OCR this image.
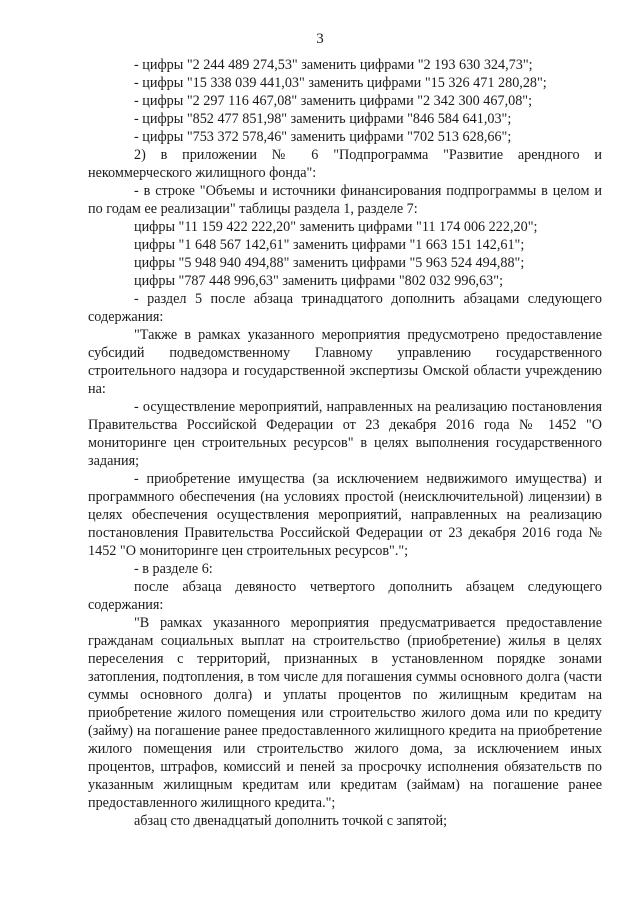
3

- цифры "2 244 489 274,53" заменить цифрами "2 193 630 324,73";

- цифры "15 338 039 441,03" заменить цифрами "15 326 471 280,28";

- цифры "2 297 116 467,08" заменить цифрами "2 342 300 467,08";

- цифры "852 477 851,98" заменить цифрами "846 584 641,03";

- цифры "753 372 578,46" заменить цифрами "702 513 628,66";

2) в приложении № 6 "Подпрограмма "Развитие арендного и некоммерческого жилищного фонда":

- в строке "Объемы и источники финансирования подпрограммы в целом и по годам ее реализации" таблицы раздела 1, разделе 7:

цифры "11 159 422 222,20" заменить цифрами "11 174 006 222,20";

цифры "1 648 567 142,61" заменить цифрами "1 663 151 142,61";

цифры "5 948 940 494,88" заменить цифрами "5 963 524 494,88";

цифры "787 448 996,63" заменить цифрами "802 032 996,63";

- раздел 5 после абзаца тринадцатого дополнить абзацами следующего содержания:

"Также в рамках указанного мероприятия предусмотрено предоставление субсидий подведомственному Главному управлению государственного строительного надзора и государственной экспертизы Омской области учреждению на:

- осуществление мероприятий, направленных на реализацию постановления Правительства Российской Федерации от 23 декабря 2016 года № 1452 "О мониторинге цен строительных ресурсов" в целях выполнения государственного задания;

- приобретение имущества (за исключением недвижимого имущества) и программного обеспечения (на условиях простой (неисключительной) лицензии) в целях обеспечения осуществления мероприятий, направленных на реализацию постановления Правительства Российской Федерации от 23 декабря 2016 года № 1452 "О мониторинге цен строительных ресурсов".";

- в разделе 6:

после абзаца девяносто четвертого дополнить абзацем следующего содержания:

"В рамках указанного мероприятия предусматривается предоставление гражданам социальных выплат на строительство (приобретение) жилья в целях переселения с территорий, признанных в установленном порядке зонами затопления, подтопления, в том числе для погашения суммы основного долга (части суммы основного долга) и уплаты процентов по жилищным кредитам на приобретение жилого помещения или строительство жилого дома или по кредиту (займу) на погашение ранее предоставленного жилищного кредита на приобретение жилого помещения или строительство жилого дома, за исключением иных процентов, штрафов, комиссий и пеней за просрочку исполнения обязательств по указанным жилищным кредитам или кредитам (займам) на погашение ранее предоставленного жилищного кредита.";

абзац сто двенадцатый дополнить точкой с запятой;
